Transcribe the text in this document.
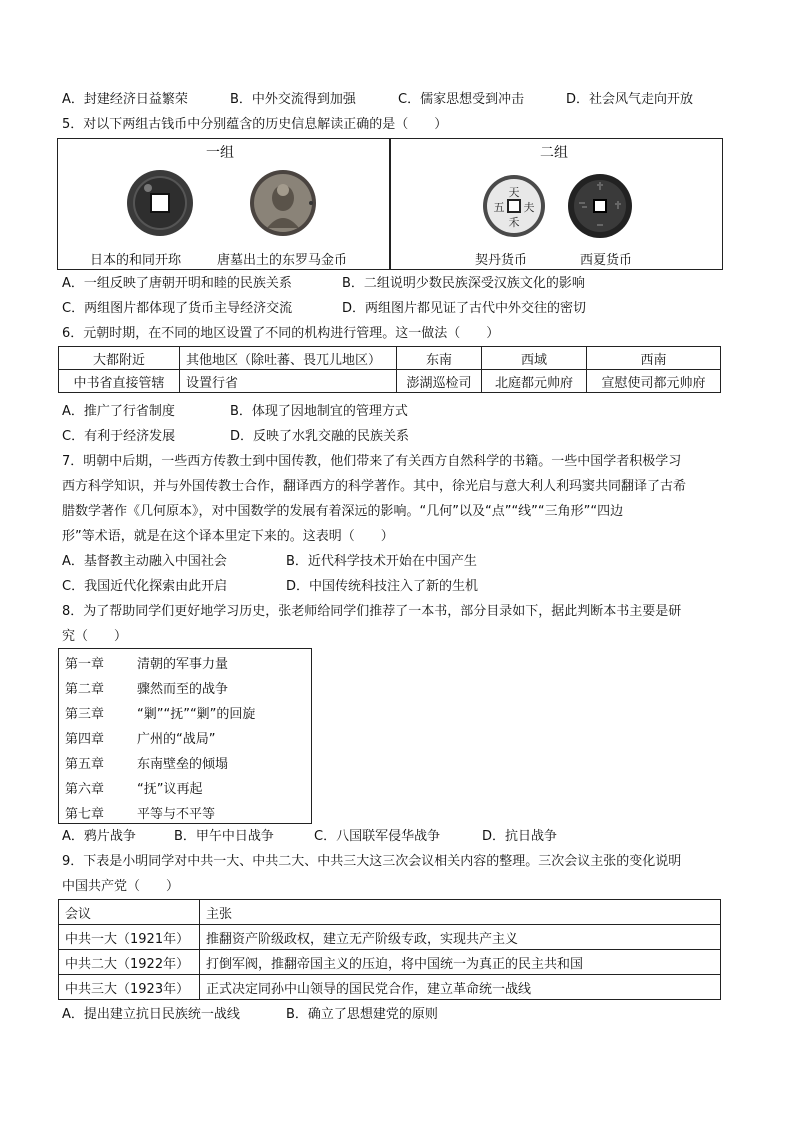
A．封建经济日益繁荣	B．中外交流得到加强	C．儒家思想受到冲击	D．社会风气走向开放
5．对以下两组古钱币中分别蕴含的历史信息解读正确的是（　　）
一组	二组
天
禾
五 夫
日本的和同开珎	唐墓出土的东罗马金币	契丹货币	西夏货币
A．一组反映了唐朝开明和睦的民族关系	B．二组说明少数民族深受汉族文化的影响
C．两组图片都体现了货币主导经济交流	D．两组图片都见证了古代中外交往的密切
6．元朝时期，在不同的地区设置了不同的机构进行管理。这一做法（　　）
大都附近	其他地区（除吐蕃、畏兀儿地区）	东南	西域	西南
中书省直接管辖	设置行省	澎湖巡检司	北庭都元帅府	宣慰使司都元帅府
A．推广了行省制度	B．体现了因地制宜的管理方式
C．有利于经济发展	D．反映了水乳交融的民族关系
7．明朝中后期，一些西方传教士到中国传教，他们带来了有关西方自然科学的书籍。一些中国学者积极学习
西方科学知识，并与外国传教士合作，翻译西方的科学著作。其中，徐光启与意大利人利玛窦共同翻译了古希
腊数学著作《几何原本》，对中国数学的发展有着深远的影响。“几何”以及“点”“线”“三角形”“四边
形”等术语，就是在这个译本里定下来的。这表明（　　）
A．基督教主动融入中国社会	B．近代科学技术开始在中国产生
C．我国近代化探索由此开启	D．中国传统科技注入了新的生机
8．为了帮助同学们更好地学习历史，张老师给同学们推荐了一本书，部分目录如下，据此判断本书主要是研
究（　　）
第一章	清朝的军事力量
第二章	骤然而至的战争
第三章	“剿”“抚”“剿”的回旋
第四章	广州的“战局”
第五章	东南壁垒的倾塌
第六章	“抚”议再起
第七章	平等与不平等
A．鸦片战争	B．甲午中日战争	C．八国联军侵华战争	D．抗日战争
9．下表是小明同学对中共一大、中共二大、中共三大这三次会议相关内容的整理。三次会议主张的变化说明
中国共产党（　　）
会议	主张
中共一大（1921年）	推翻资产阶级政权，建立无产阶级专政，实现共产主义
中共二大（1922年）	打倒军阀，推翻帝国主义的压迫，将中国统一为真正的民主共和国
中共三大（1923年）	正式决定同孙中山领导的国民党合作，建立革命统一战线
A．提出建立抗日民族统一战线	B．确立了思想建党的原则
